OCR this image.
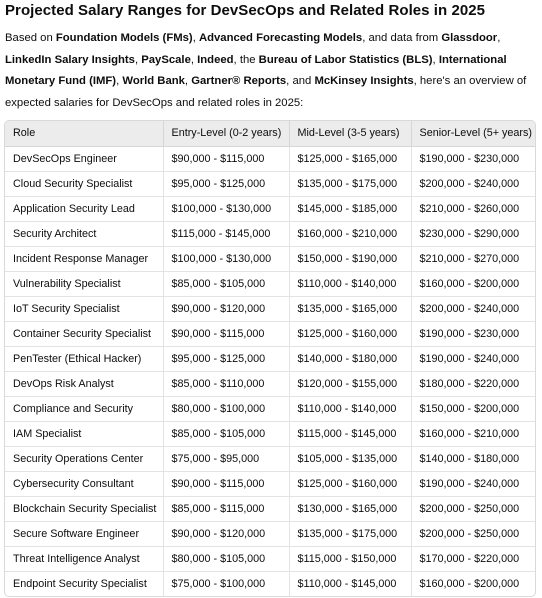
Projected Salary Ranges for DevSecOps and Related Roles in 2025
Based on Foundation Models (FMs), Advanced Forecasting Models, and data from Glassdoor, LinkedIn Salary Insights, PayScale, Indeed, the Bureau of Labor Statistics (BLS), International Monetary Fund (IMF), World Bank, Gartner® Reports, and McKinsey Insights, here's an overview of expected salaries for DevSecOps and related roles in 2025:
Role	Entry-Level (0-2 years)	Mid-Level (3-5 years)	Senior-Level (5+ years)
DevSecOps Engineer	$90,000 - $115,000	$125,000 - $165,000	$190,000 - $230,000
Cloud Security Specialist	$95,000 - $125,000	$135,000 - $175,000	$200,000 - $240,000
Application Security Lead	$100,000 - $130,000	$145,000 - $185,000	$210,000 - $260,000
Security Architect	$115,000 - $145,000	$160,000 - $210,000	$230,000 - $290,000
Incident Response Manager	$100,000 - $130,000	$150,000 - $190,000	$210,000 - $270,000
Vulnerability Specialist	$85,000 - $105,000	$110,000 - $140,000	$160,000 - $200,000
IoT Security Specialist	$90,000 - $120,000	$135,000 - $165,000	$200,000 - $240,000
Container Security Specialist	$90,000 - $115,000	$125,000 - $160,000	$190,000 - $230,000
PenTester (Ethical Hacker)	$95,000 - $125,000	$140,000 - $180,000	$190,000 - $240,000
DevOps Risk Analyst	$85,000 - $110,000	$120,000 - $155,000	$180,000 - $220,000
Compliance and Security	$80,000 - $100,000	$110,000 - $140,000	$150,000 - $200,000
IAM Specialist	$85,000 - $105,000	$115,000 - $145,000	$160,000 - $210,000
Security Operations Center	$75,000 - $95,000	$105,000 - $135,000	$140,000 - $180,000
Cybersecurity Consultant	$90,000 - $115,000	$125,000 - $160,000	$190,000 - $240,000
Blockchain Security Specialist	$85,000 - $115,000	$130,000 - $165,000	$200,000 - $250,000
Secure Software Engineer	$90,000 - $120,000	$135,000 - $175,000	$200,000 - $250,000
Threat Intelligence Analyst	$80,000 - $105,000	$115,000 - $150,000	$170,000 - $220,000
Endpoint Security Specialist	$75,000 - $100,000	$110,000 - $145,000	$160,000 - $200,000
